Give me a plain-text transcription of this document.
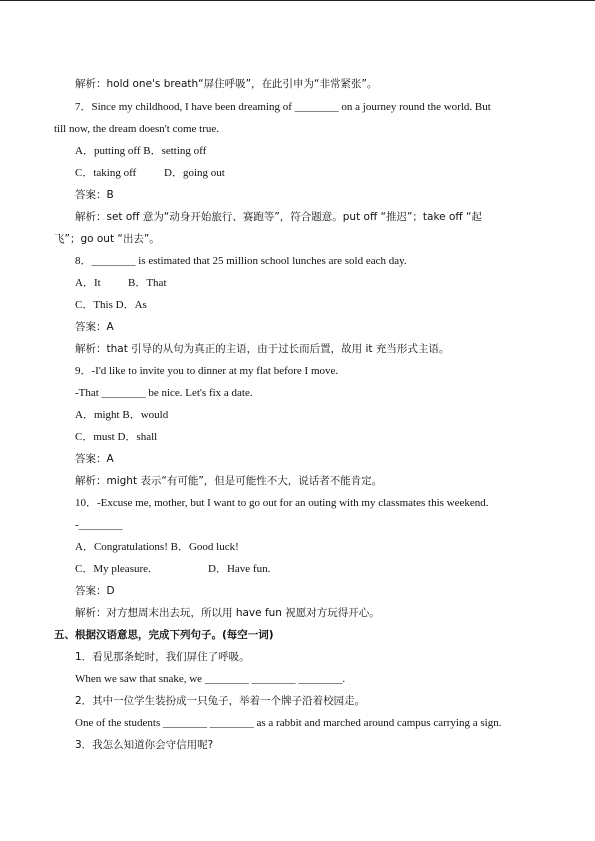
解析：hold one's breath“屏住呼吸”，在此引申为“非常紧张”。
7．Since my childhood, I have been dreaming of ________ on a journey round the world. But
till now, the dream doesn't come true.
A．putting off B．setting off
C．taking off	D．going out
答案：B
解析：set off 意为“动身开始旅行、赛跑等”，符合题意。put off “推迟”；take off “起
飞”；go out “出去”。
8．________ is estimated that 25 million school lunches are sold each day.
A．It B．That
C．This D．As
答案：A
解析：that 引导的从句为真正的主语，由于过长而后置，故用 it 充当形式主语。
9．-I'd like to invite you to dinner at my flat before I move.
-That ________ be nice. Let's fix a date.
A．might B．would
C．must D．shall
答案：A
解析：might 表示“有可能”，但是可能性不大，说话者不能肯定。
10．-Excuse me, mother, but I want to go out for an outing with my classmates this weekend.
-________
A．Congratulations! B．Good luck!
C．My pleasure.	D．Have fun.
答案：D
解析：对方想周末出去玩，所以用 have fun 祝愿对方玩得开心。
五、根据汉语意思，完成下列句子。(每空一词)
1．看见那条蛇时，我们屏住了呼吸。
When we saw that snake, we ________ ________ ________.
2．其中一位学生装扮成一只兔子，举着一个牌子沿着校园走。
One of the students ________ ________ as a rabbit and marched around campus carrying a sign.
3．我怎么知道你会守信用呢?
